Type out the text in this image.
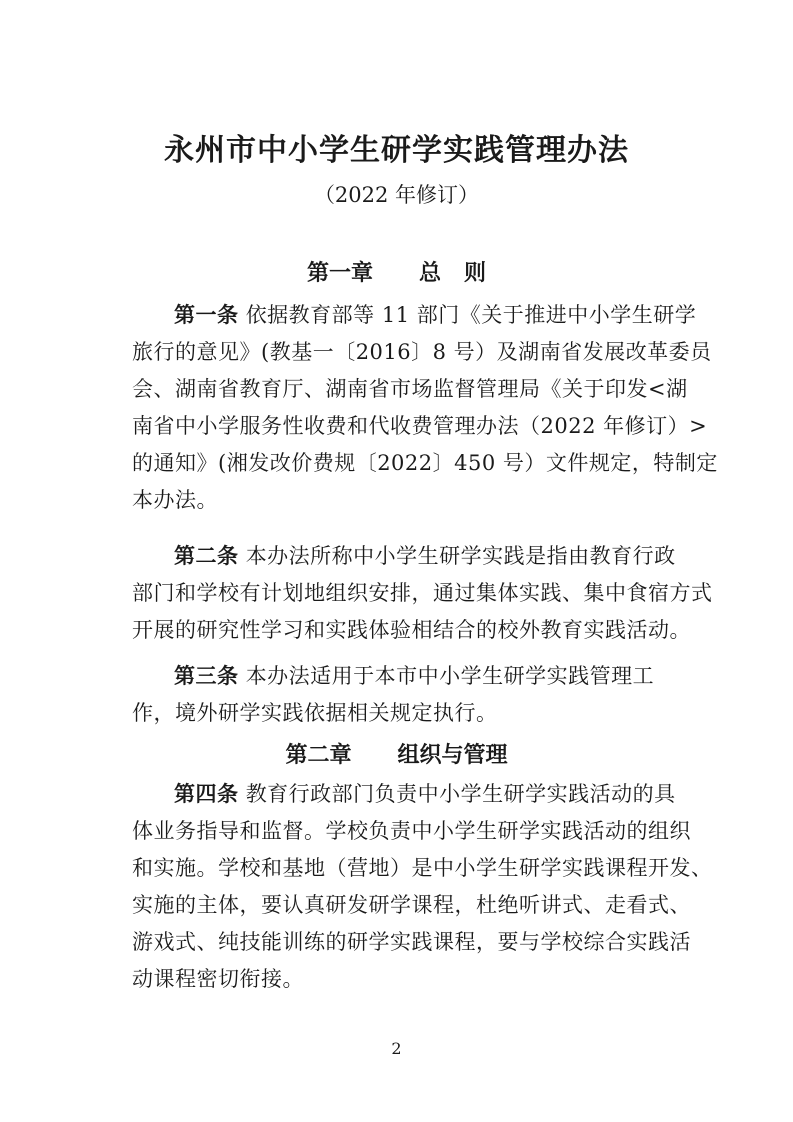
永州市中小学生研学实践管理办法
（2022 年修订）
第一章      总   则
第一条 依据教育部等 11 部门《关于推进中小学生研学
旅行的意见》(教基一〔2016〕8 号）及湖南省发展改革委员
会、湖南省教育厅、湖南省市场监督管理局《关于印发<湖
南省中小学服务性收费和代收费管理办法（2022 年修订）>
的通知》(湘发改价费规〔2022〕450 号）文件规定，特制定
本办法。
第二条 本办法所称中小学生研学实践是指由教育行政
部门和学校有计划地组织安排，通过集体实践、集中食宿方式
开展的研究性学习和实践体验相结合的校外教育实践活动。
第三条 本办法适用于本市中小学生研学实践管理工
作，境外研学实践依据相关规定执行。
第二章      组织与管理
第四条 教育行政部门负责中小学生研学实践活动的具
体业务指导和监督。学校负责中小学生研学实践活动的组织
和实施。学校和基地（营地）是中小学生研学实践课程开发、
实施的主体，要认真研发研学课程，杜绝听讲式、走看式、
游戏式、纯技能训练的研学实践课程，要与学校综合实践活
动课程密切衔接。
2
